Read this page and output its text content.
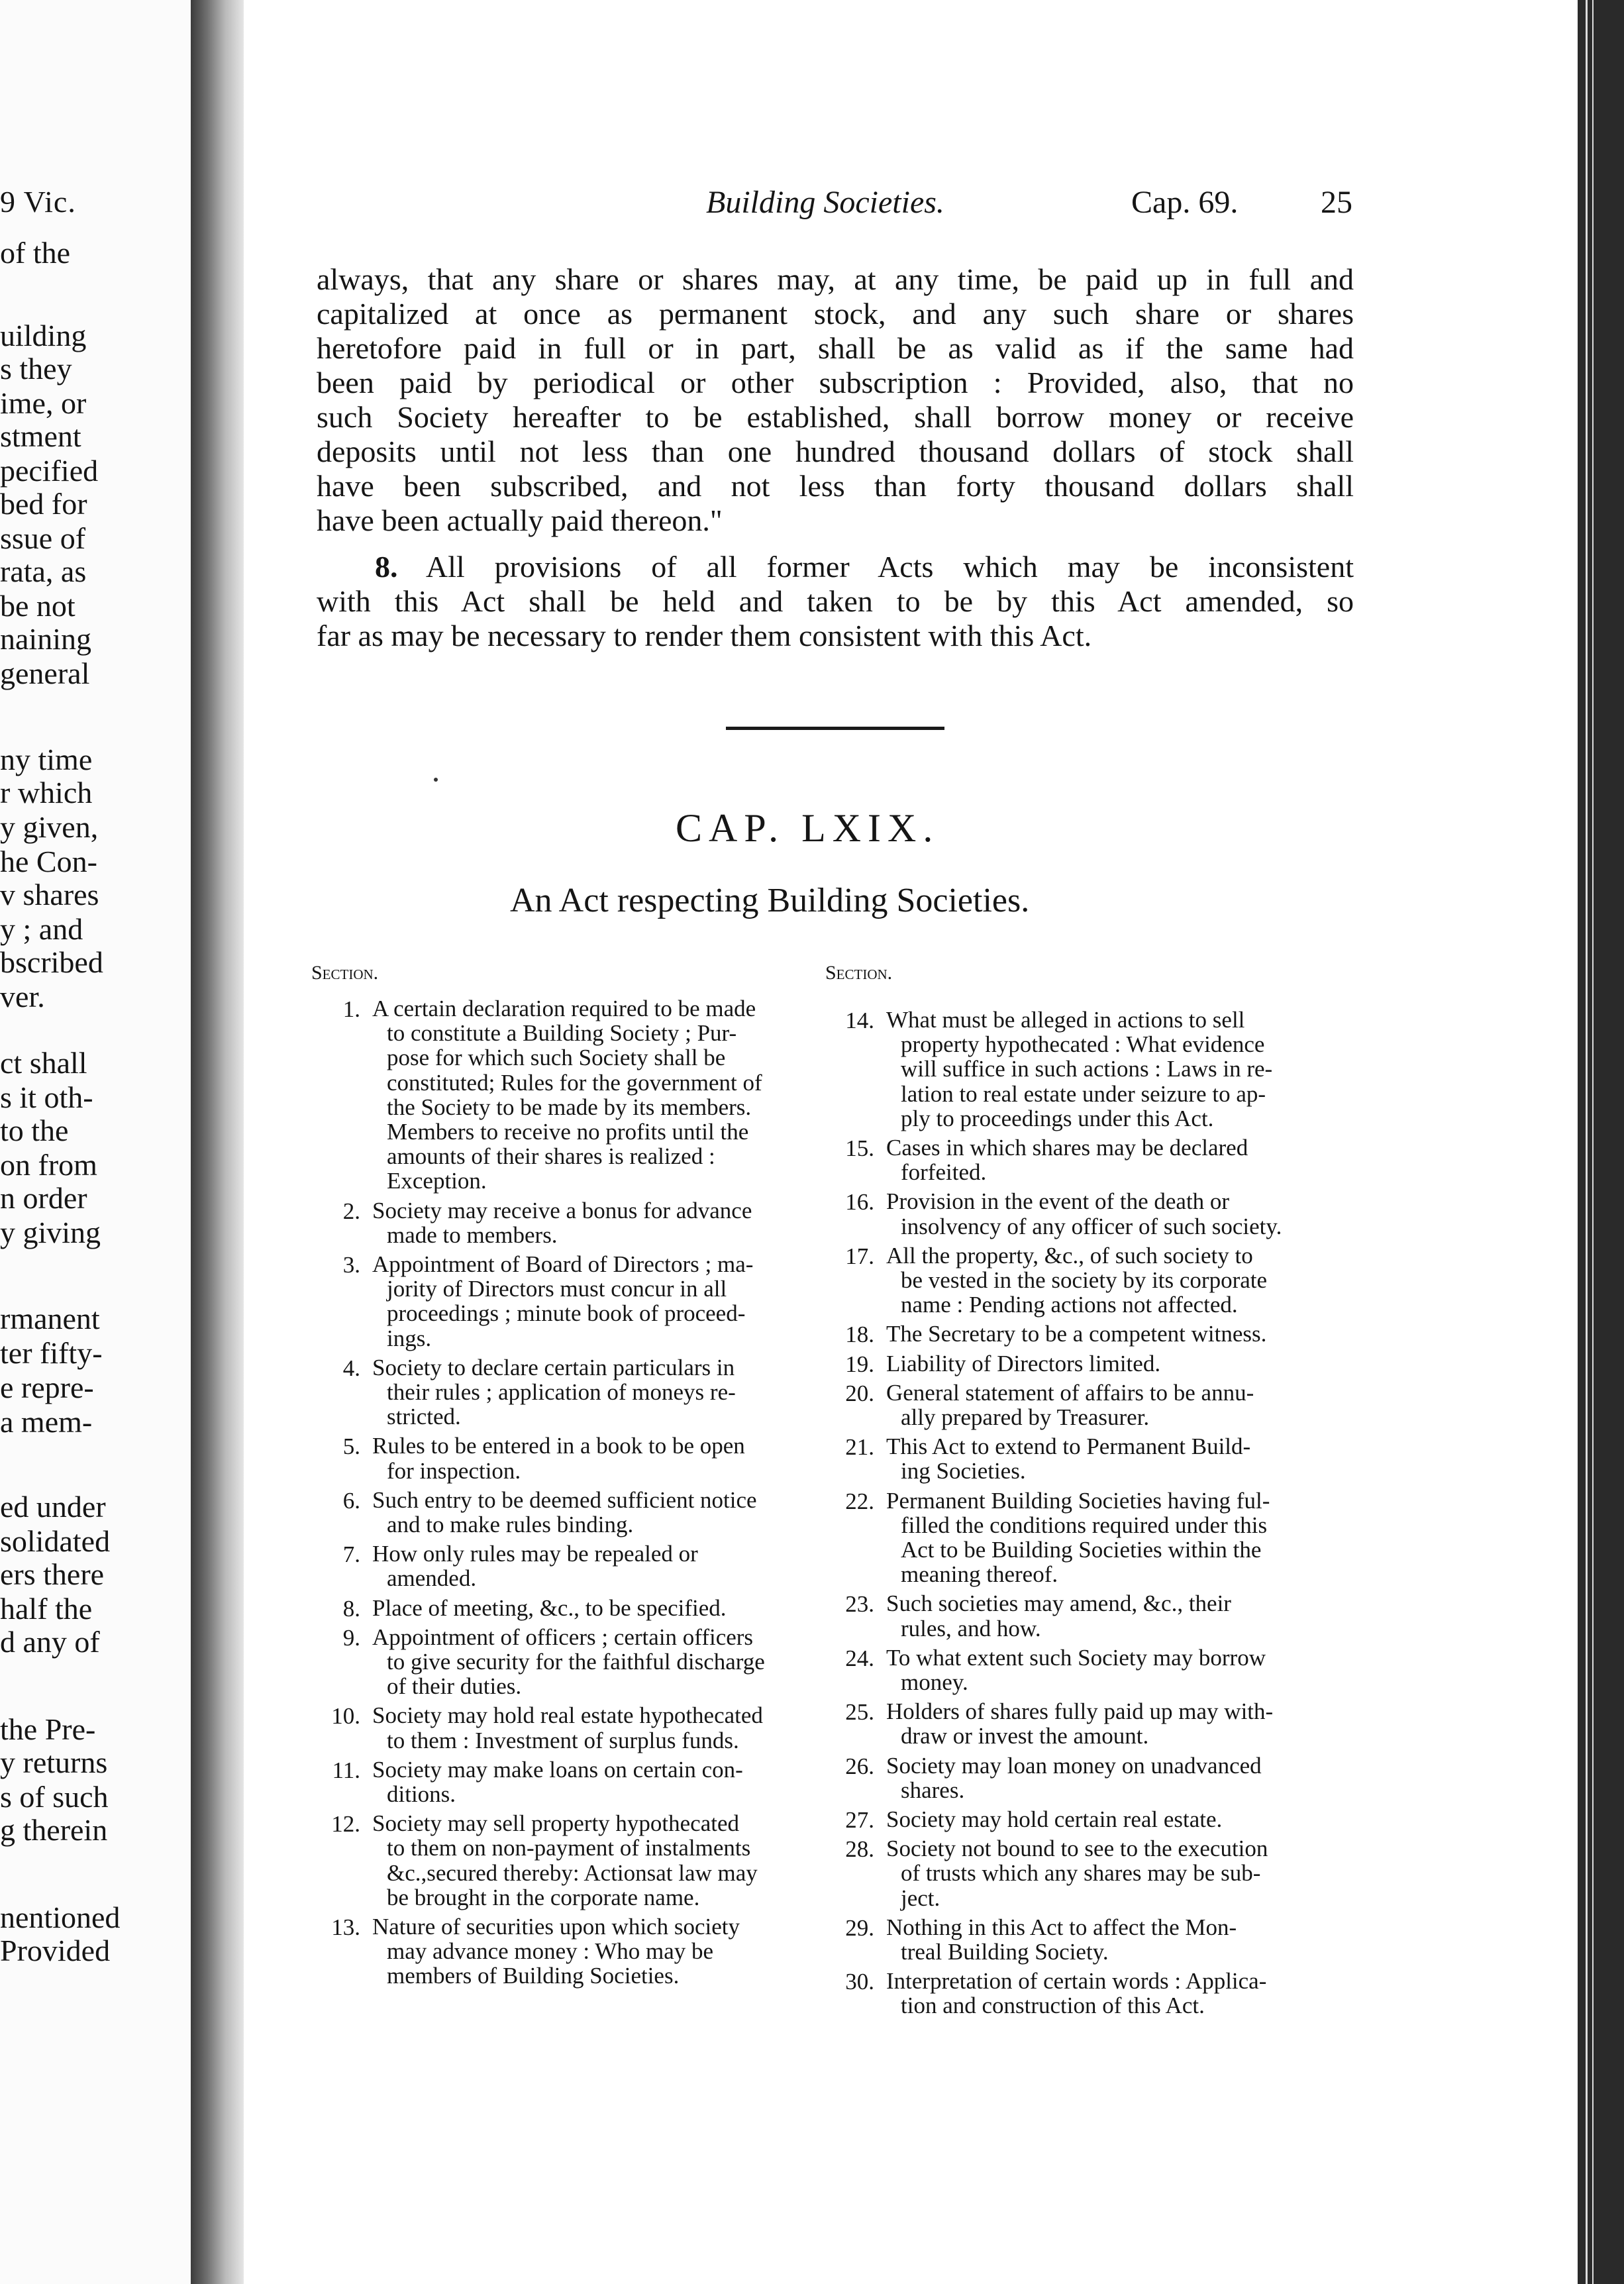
9 Vic.
of the
uilding
s they
ime, or
stment
pecified
bed for
ssue of
rata, as
be not
naining
general
ny time
r which
y given,
he Con-
v shares
y ; and
bscribed
ver.
ct shall
s it oth-
to the
on from
n order
y giving
rmanent
ter fifty-
e repre-
a mem-
ed under
solidated
ers there
half the
d any of
the Pre-
y returns
s of such
g therein
nentioned
Provided
Building Societies.	Cap. 69.	25
always, that any share or shares may, at any time, be paid up in full and
capitalized at once as permanent stock, and any such share or shares
heretofore paid in full or in part, shall be as valid as if the same had
been paid by periodical or other subscription : Provided, also, that no
such Society hereafter to be established, shall borrow money or receive
deposits until not less than one hundred thousand dollars of stock shall
have been subscribed, and not less than forty thousand dollars shall
have been actually paid thereon."
8. All provisions of all former Acts which may be inconsistent
with this Act shall be held and taken to be by this Act amended, so
far as may be necessary to render them consistent with this Act.
CAP. LXIX.
An Act respecting Building Societies.
Section.	Section.
1. A certain declaration required to be made
to constitute a Building Society ; Pur-
pose for which such Society shall be
constituted; Rules for the government of
the Society to be made by its members.
Members to receive no profits until the
amounts of their shares is realized :
Exception.
2. Society may receive a bonus for advance
made to members.
3. Appointment of Board of Directors ; ma-
jority of Directors must concur in all
proceedings ; minute book of proceed-
ings.
4. Society to declare certain particulars in
their rules ; application of moneys re-
stricted.
5. Rules to be entered in a book to be open
for inspection.
6. Such entry to be deemed sufficient notice
and to make rules binding.
7. How only rules may be repealed or
amended.
8. Place of meeting, &c., to be specified.
9. Appointment of officers ; certain officers
to give security for the faithful discharge
of their duties.
10. Society may hold real estate hypothecated
to them : Investment of surplus funds.
11. Society may make loans on certain con-
ditions.
12. Society may sell property hypothecated
to them on non-payment of instalments
&c.,secured thereby: Actionsat law may
be brought in the corporate name.
13. Nature of securities upon which society
may advance money : Who may be
members of Building Societies.
14. What must be alleged in actions to sell
property hypothecated : What evidence
will suffice in such actions : Laws in re-
lation to real estate under seizure to ap-
ply to proceedings under this Act.
15. Cases in which shares may be declared
forfeited.
16. Provision in the event of the death or
insolvency of any officer of such society.
17. All the property, &c., of such society to
be vested in the society by its corporate
name : Pending actions not affected.
18. The Secretary to be a competent witness.
19. Liability of Directors limited.
20. General statement of affairs to be annu-
ally prepared by Treasurer.
21. This Act to extend to Permanent Build-
ing Societies.
22. Permanent Building Societies having ful-
filled the conditions required under this
Act to be Building Societies within the
meaning thereof.
23. Such societies may amend, &c., their
rules, and how.
24. To what extent such Society may borrow
money.
25. Holders of shares fully paid up may with-
draw or invest the amount.
26. Society may loan money on unadvanced
shares.
27. Society may hold certain real estate.
28. Society not bound to see to the execution
of trusts which any shares may be sub-
ject.
29. Nothing in this Act to affect the Mon-
treal Building Society.
30. Interpretation of certain words : Applica-
tion and construction of this Act.
